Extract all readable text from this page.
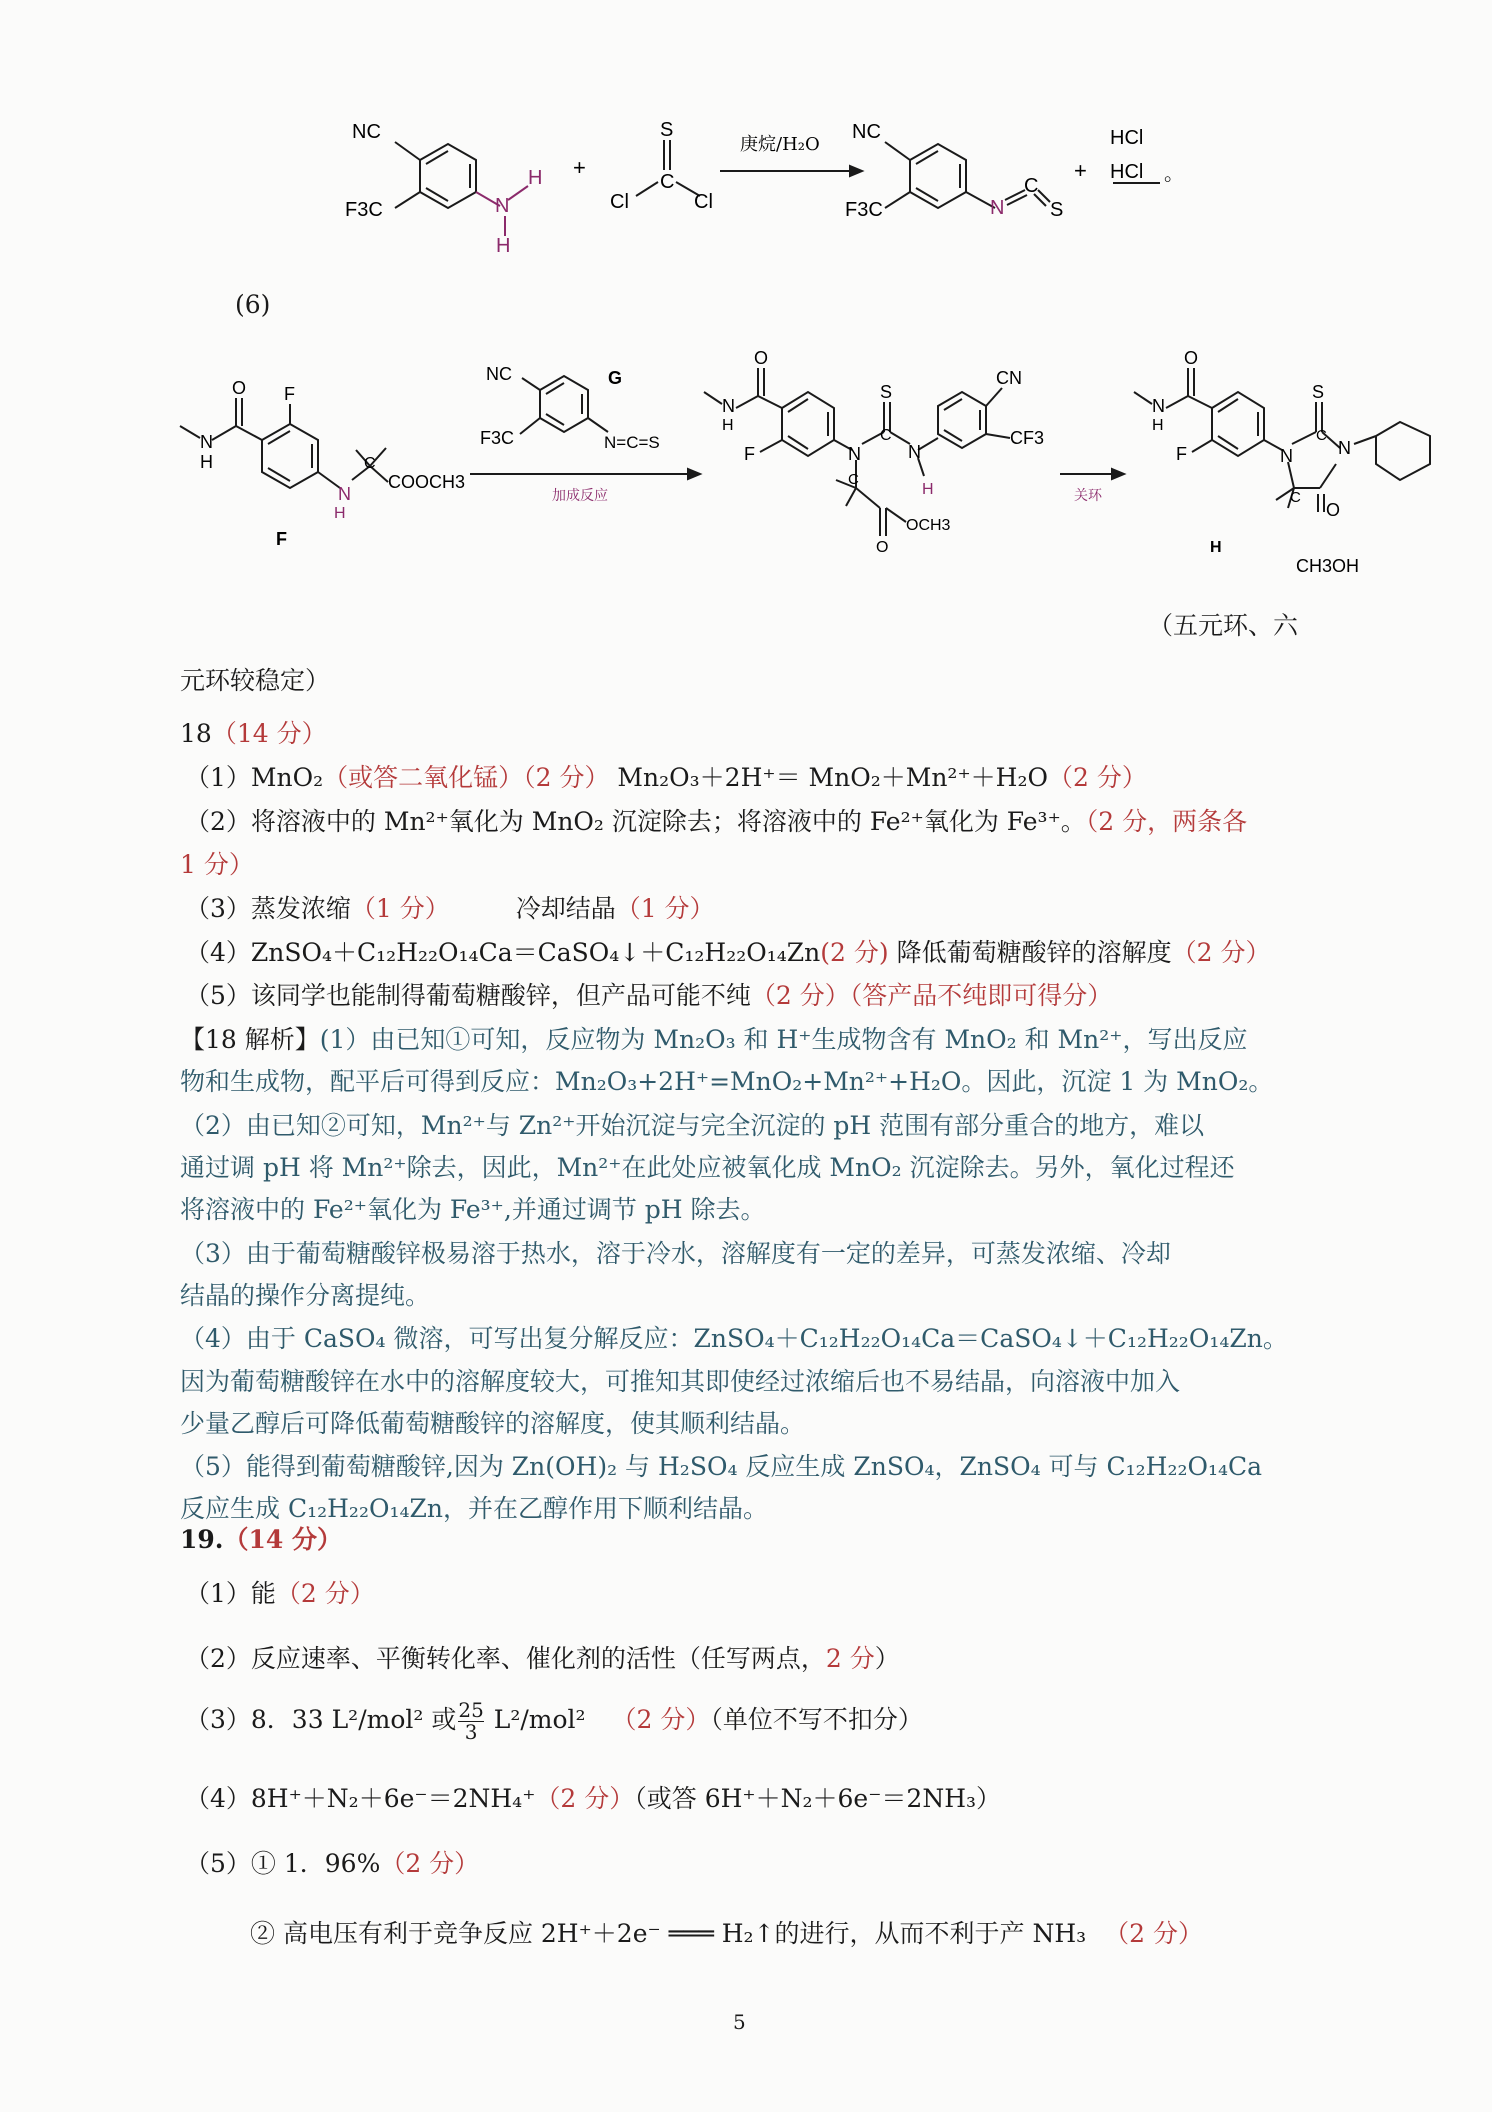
NC
F3C	N
H
H
+
S
C
Cl	Cl
庚烷/H₂O
NC
F3C	N
C
S
+
HCl
HCl 。
(6)
F
F
O
N
H
N
H
C
COOCH3
G
NC
F3C	N=C=S
加成反应
O
N
H
F
S
C
N	N
H
CN
CF3
C
O
OCH3
关环
H
O
N
H
F
S
C
N	N
C
O
CH3OH
（五元环、六
元环较稳定）
18（14 分）
（1）MnO₂（或答二氧化锰）（2 分） Mn₂O₃＋2H⁺＝ MnO₂＋Mn²⁺＋H₂O（2 分）
（2）将溶液中的 Mn²⁺氧化为 MnO₂ 沉淀除去；将溶液中的 Fe²⁺氧化为 Fe³⁺。（2 分，两条各
1 分）
（3）蒸发浓缩（1 分）	冷却结晶（1 分）
（4）ZnSO₄＋C₁₂H₂₂O₁₄Ca＝CaSO₄↓＋C₁₂H₂₂O₁₄Zn(2 分) 降低葡萄糖酸锌的溶解度（2 分）
（5）该同学也能制得葡萄糖酸锌，但产品可能不纯（2 分）（答产品不纯即可得分）
【18 解析】(1）由已知①可知，反应物为 Mn₂O₃ 和 H⁺生成物含有 MnO₂ 和 Mn²⁺，写出反应
物和生成物，配平后可得到反应：Mn₂O₃+2H⁺=MnO₂+Mn²⁺+H₂O。因此，沉淀 1 为 MnO₂。
（2）由已知②可知，Mn²⁺与 Zn²⁺开始沉淀与完全沉淀的 pH 范围有部分重合的地方，难以
通过调 pH 将 Mn²⁺除去，因此，Mn²⁺在此处应被氧化成 MnO₂ 沉淀除去。另外，氧化过程还
将溶液中的 Fe²⁺氧化为 Fe³⁺,并通过调节 pH 除去。
（3）由于葡萄糖酸锌极易溶于热水，溶于冷水，溶解度有一定的差异，可蒸发浓缩、冷却
结晶的操作分离提纯。
（4）由于 CaSO₄ 微溶，可写出复分解反应：ZnSO₄＋C₁₂H₂₂O₁₄Ca＝CaSO₄↓＋C₁₂H₂₂O₁₄Zn。
因为葡萄糖酸锌在水中的溶解度较大，可推知其即使经过浓缩后也不易结晶，向溶液中加入
少量乙醇后可降低葡萄糖酸锌的溶解度，使其顺利结晶。
（5）能得到葡萄糖酸锌,因为 Zn(OH)₂ 与 H₂SO₄ 反应生成 ZnSO₄，ZnSO₄ 可与 C₁₂H₂₂O₁₄Ca
反应生成 C₁₂H₂₂O₁₄Zn，并在乙醇作用下顺利结晶。
19.（14 分）
（1）能（2 分）
（2）反应速率、平衡转化率、催化剂的活性（任写两点，2 分）
（3）8．33 L²/mol² 或 $\frac{25}{3} L^2/mol^2$ （2 分）（单位不写不扣分）
（4）8H⁺＋N₂＋6e⁻＝2NH₄⁺（2 分）（或答 6H⁺＋N₂＋6e⁻＝2NH₃）
（5）① 1．96%（2 分）
② 高电压有利于竞争反应 2H⁺＋2e⁻ ═══ H₂↑的进行，从而不利于产 NH₃ （2 分）
5
